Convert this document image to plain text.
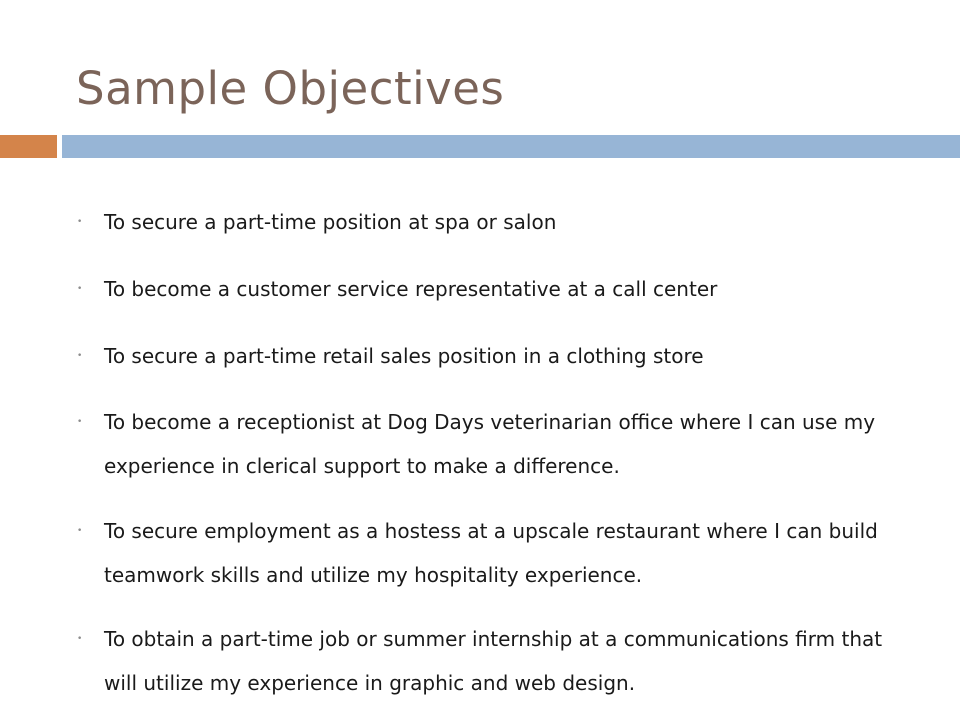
Sample Objectives
• To secure a part-time position at spa or salon
• To become a customer service representative at a call center
• To secure a part-time retail sales position in a clothing store
• To become a receptionist at Dog Days veterinarian office where I can use my experience in clerical support to make a difference.
• To secure employment as a hostess at a upscale restaurant where I can build teamwork skills and utilize my hospitality experience.
• To obtain a part-time job or summer internship at a communications firm that will utilize my experience in graphic and web design.
